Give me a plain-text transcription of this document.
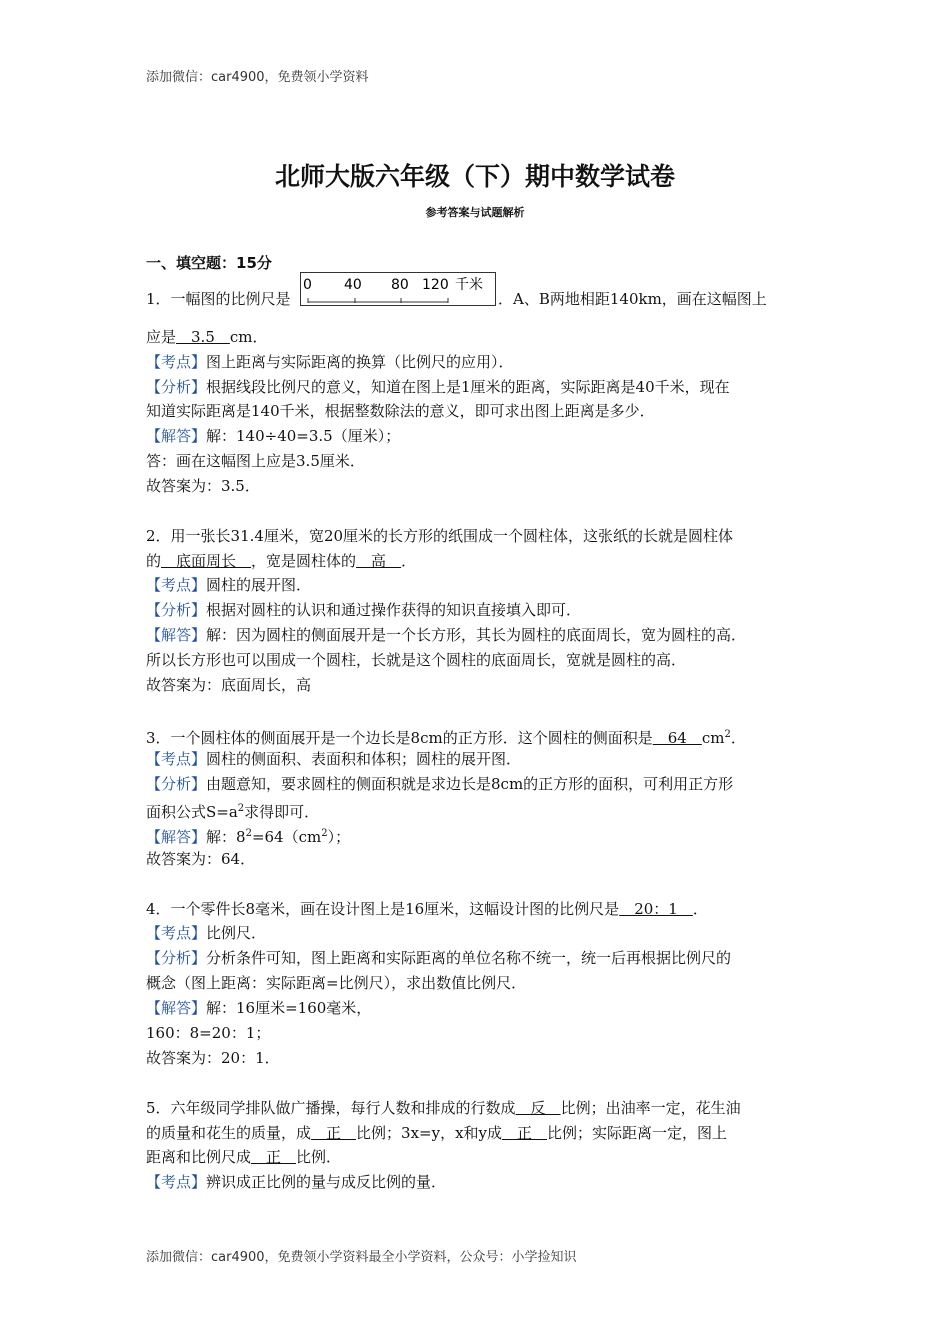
添加微信：car4900，免费领小学资料
北师大版六年级（下）期中数学试卷
参考答案与试题解析
一、填空题：15分
1．一幅图的比例尺是
0 40 80 120 千米
．A、B两地相距140km，画在这幅图上
应是　3.5　cm．
【考点】图上距离与实际距离的换算（比例尺的应用）．
【分析】根据线段比例尺的意义，知道在图上是1厘米的距离，实际距离是40千米，现在
知道实际距离是140千米，根据整数除法的意义，即可求出图上距离是多少．
【解答】解：140÷40=3.5（厘米）；
答：画在这幅图上应是3.5厘米．
故答案为：3.5．
2．用一张长31.4厘米，宽20厘米的长方形的纸围成一个圆柱体，这张纸的长就是圆柱体
的　底面周长　，宽是圆柱体的　高　．
【考点】圆柱的展开图．
【分析】根据对圆柱的认识和通过操作获得的知识直接填入即可．
【解答】解：因为圆柱的侧面展开是一个长方形，其长为圆柱的底面周长，宽为圆柱的高．
所以长方形也可以围成一个圆柱，长就是这个圆柱的底面周长，宽就是圆柱的高．
故答案为：底面周长，高
3．一个圆柱体的侧面展开是一个边长是8cm的正方形．这个圆柱的侧面积是　64　$cm^2$．
【考点】圆柱的侧面积、表面积和体积；圆柱的展开图．
【分析】由题意知，要求圆柱的侧面积就是求边长是8cm的正方形的面积，可利用正方形
面积公式$S=a^2$求得即可．
【解答】解：$8^2=64(cm^2)$；
故答案为：64．
4．一个零件长8毫米，画在设计图上是16厘米，这幅设计图的比例尺是　20：1　．
【考点】比例尺．
【分析】分析条件可知，图上距离和实际距离的单位名称不统一，统一后再根据比例尺的
概念（图上距离：实际距离=比例尺），求出数值比例尺．
【解答】解：16厘米=160毫米，
160：8=20：1；
故答案为：20：1．
5．六年级同学排队做广播操，每行人数和排成的行数成　反　比例；出油率一定，花生油
的质量和花生的质量，成　正　比例；3x=y，x和y成　正　比例；实际距离一定，图上
距离和比例尺成　正　比例．
【考点】辨识成正比例的量与成反比例的量．
添加微信：car4900，免费领小学资料最全小学资料，公众号：小学捡知识
